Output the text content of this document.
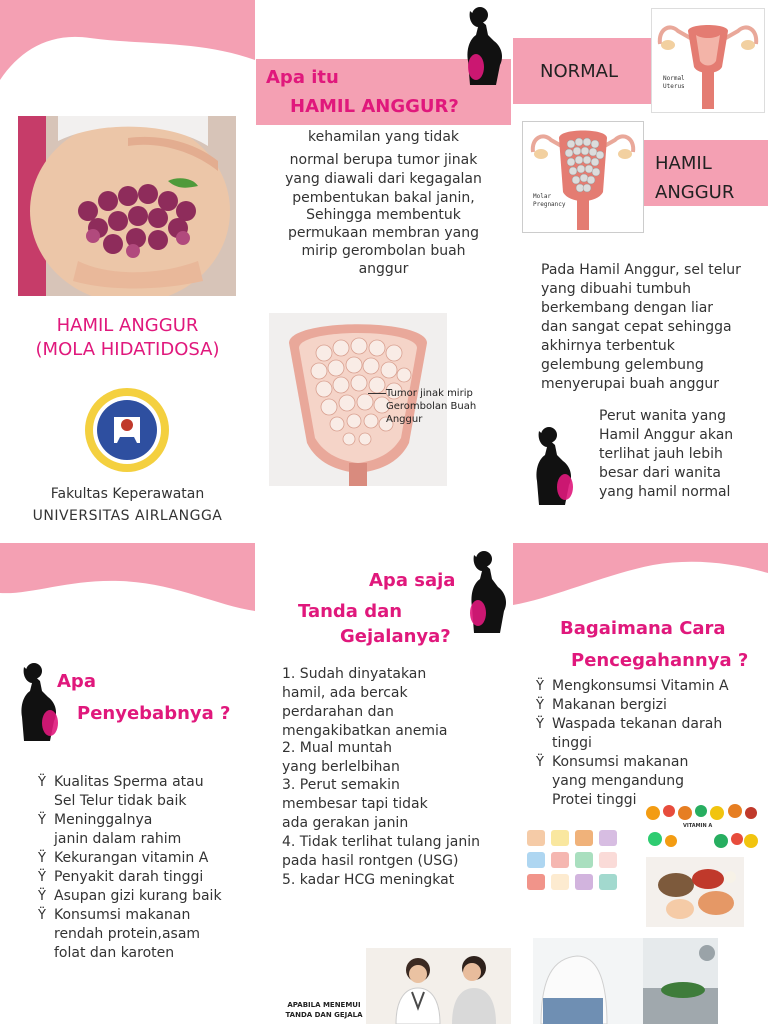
HAMIL ANGGUR
(MOLA HIDATIDOSA)
Fakultas Keperawatan
UNIVERSITAS AIRLANGGA
Apa itu
HAMIL ANGGUR?
kehamilan yang tidak
normal berupa tumor jinak
yang diawali dari kegagalan
pembentukan bakal janin,
Sehingga membentuk
permukaan membran yang
mirip gerombolan buah
anggur
Tumor jinak mirip
Gerombolan Buah
Anggur
NORMAL	Normal
Uterus
HAMIL
ANGGUR
Molar
Pregnancy
Pada Hamil Anggur, sel telur
yang dibuahi tumbuh
berkembang dengan liar
dan sangat cepat sehingga
akhirnya terbentuk
gelembung gelembung
menyerupai buah anggur
Perut wanita yang
Hamil Anggur akan
terlihat jauh lebih
besar dari wanita
yang hamil normal
Apa
Penyebabnya ?
Ÿ Kualitas Sperma atau
Sel Telur tidak baik
Ÿ Meninggalnya
janin dalam rahim
Ÿ Kekurangan vitamin A
Ÿ Penyakit darah tinggi
Ÿ Asupan gizi kurang baik
Ÿ Konsumsi makanan
rendah protein,asam
folat dan karoten
Apa saja
Tanda dan
Gejalanya?
1. Sudah dinyatakan
hamil, ada bercak
perdarahan dan
mengakibatkan anemia
2. Mual muntah
yang berlelbihan
3. Perut semakin
membesar tapi tidak
ada gerakan janin
4. Tidak terlihat tulang janin
pada hasil rontgen (USG)
5. kadar HCG meningkat
APABILA MENEMUI
TANDA DAN GEJALA
Bagaimana Cara
Pencegahannya ?
Ÿ Mengkonsumsi Vitamin A
Ÿ Makanan bergizi
Ÿ Waspada tekanan darah
tinggi
Ÿ Konsumsi makanan
yang mengandung
Protei tinggi
VITAMIN A
